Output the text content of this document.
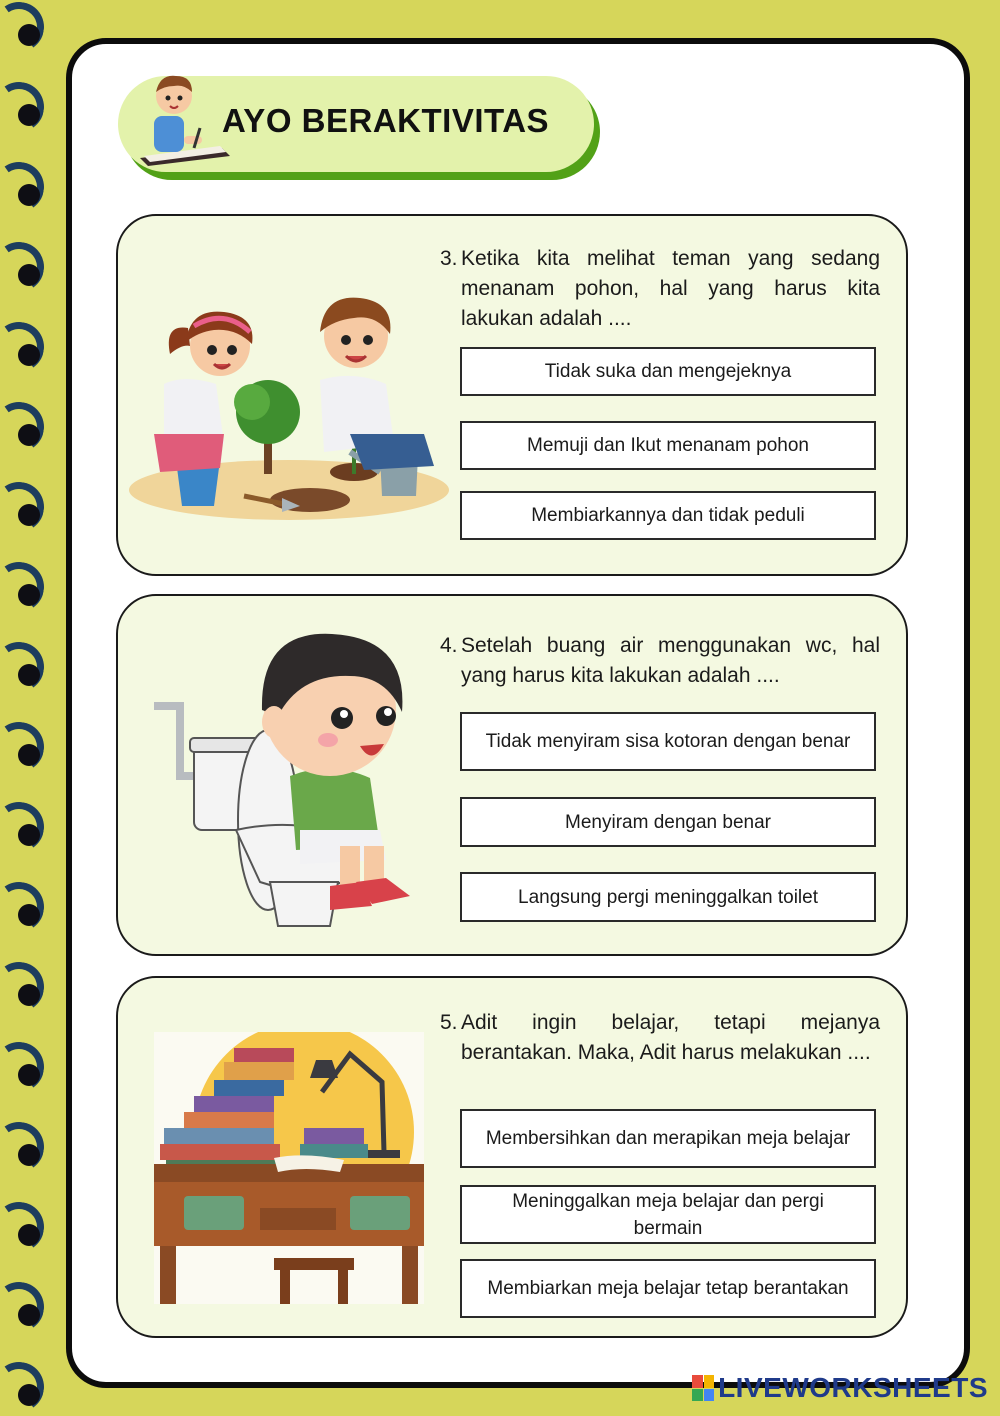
AYO BERAKTIVITAS
3. Ketika kita melihat teman yang sedang menanam pohon, hal yang harus kita lakukan adalah ....
Tidak suka dan mengejeknya
Memuji dan Ikut menanam pohon
Membiarkannya dan tidak peduli
4. Setelah buang air menggunakan wc, hal yang harus kita lakukan adalah ....
Tidak menyiram sisa kotoran dengan benar
Menyiram dengan benar
Langsung pergi meninggalkan toilet
5. Adit ingin belajar, tetapi mejanya berantakan. Maka, Adit harus melakukan ....
Membersihkan dan merapikan meja belajar
Meninggalkan meja belajar dan pergi bermain
Membiarkan meja belajar tetap berantakan
LIVEWORKSHEETS
